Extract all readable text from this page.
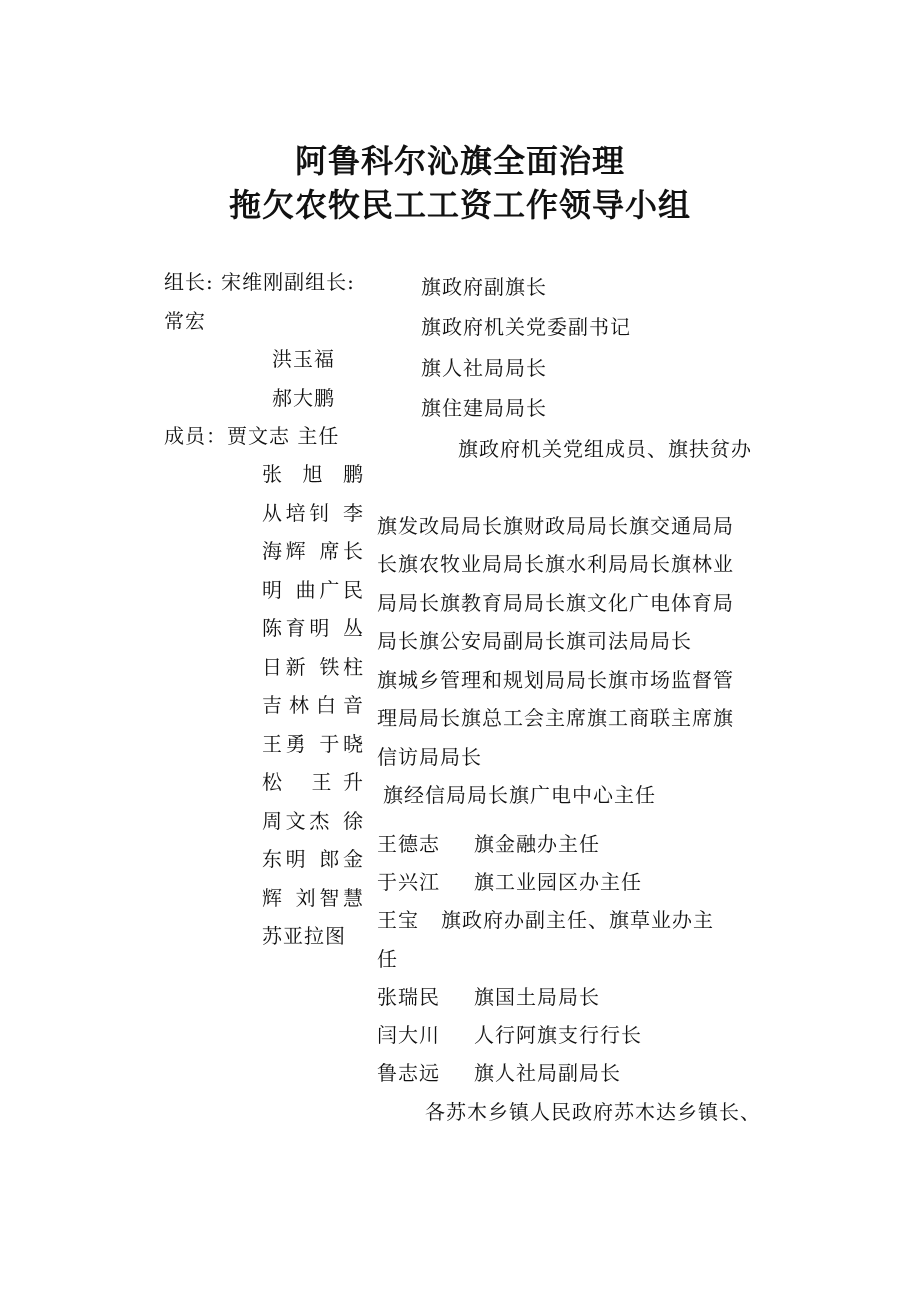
阿鲁科尔沁旗全面治理
拖欠农牧民工工资工作领导小组
组长: 宋维刚副组长:
常宏
洪玉福
郝大鹏
成员：贾文志 主任
旗政府副旗长
旗政府机关党委副书记
旗人社局局长
旗住建局局长
旗政府机关党组成员、旗扶贫办
张 旭 鹏
从培钊 李
海辉 席长
明 曲广民
陈育明 丛
日新 铁柱
吉林白音
王勇 于晓
松 王升
周文杰 徐
东明 郎金
辉 刘智慧
苏亚拉图
旗发改局局长旗财政局局长旗交通局局
长旗农牧业局局长旗水利局局长旗林业
局局长旗教育局局长旗文化广电体育局
局长旗公安局副局长旗司法局局长
旗城乡管理和规划局局长旗市场监督管
理局局长旗总工会主席旗工商联主席旗
信访局局长
旗经信局局长旗广电中心主任
王德志 旗金融办主任
于兴江 旗工业园区办主任
王宝 旗政府办副主任、旗草业办主
任
张瑞民 旗国土局局长
闫大川 人行阿旗支行行长
鲁志远 旗人社局副局长
各苏木乡镇人民政府苏木达乡镇长、
